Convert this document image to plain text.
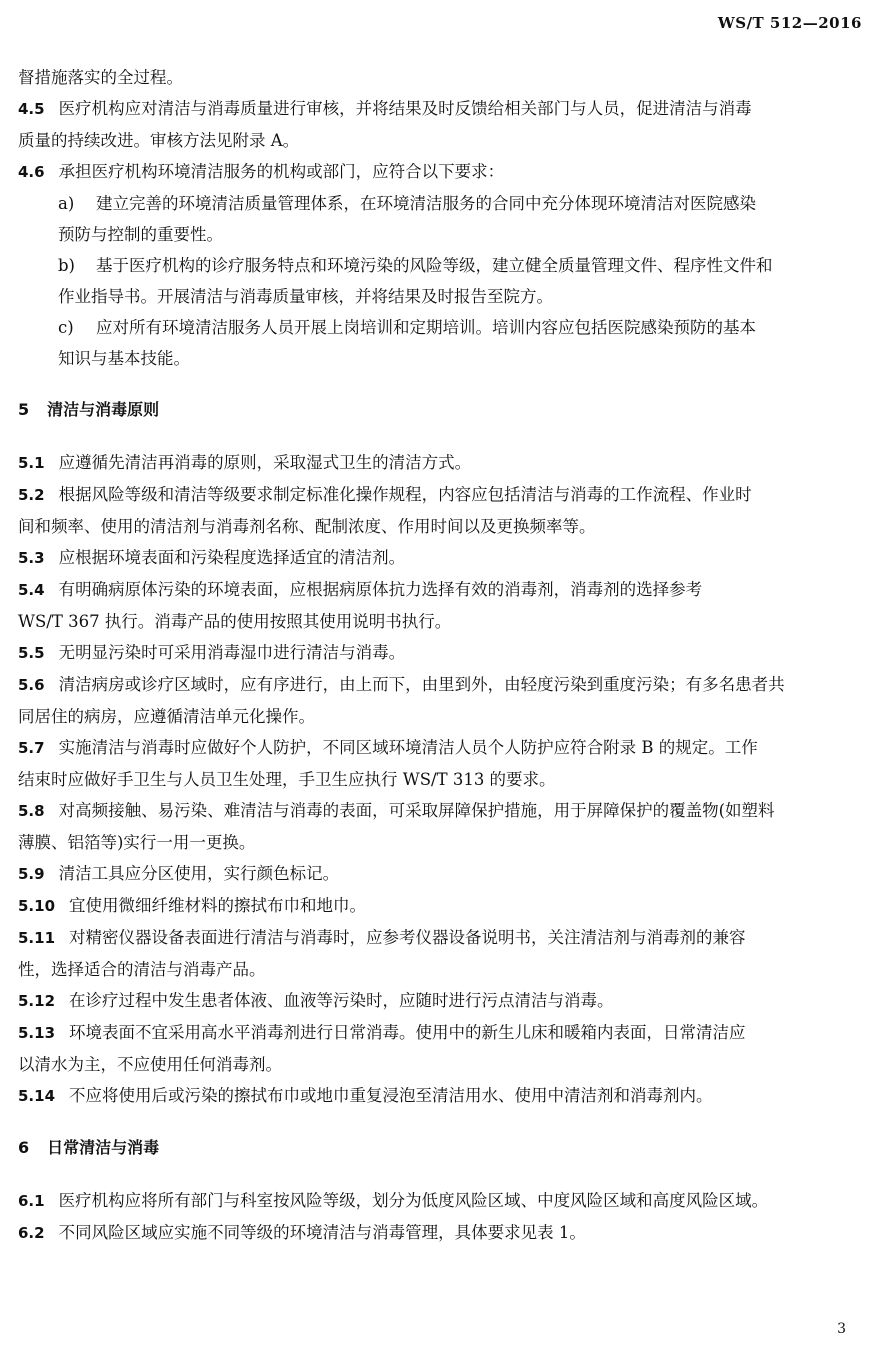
WS/T 512—2016
督措施落实的全过程。
4.5 医疗机构应对清洁与消毒质量进行审核，并将结果及时反馈给相关部门与人员，促进清洁与消毒
质量的持续改进。审核方法见附录 A。
4.6 承担医疗机构环境清洁服务的机构或部门，应符合以下要求：
a) 建立完善的环境清洁质量管理体系，在环境清洁服务的合同中充分体现环境清洁对医院感染
预防与控制的重要性。
b) 基于医疗机构的诊疗服务特点和环境污染的风险等级，建立健全质量管理文件、程序性文件和
作业指导书。开展清洁与消毒质量审核，并将结果及时报告至院方。
c) 应对所有环境清洁服务人员开展上岗培训和定期培训。培训内容应包括医院感染预防的基本
知识与基本技能。
5 清洁与消毒原则
5.1 应遵循先清洁再消毒的原则，采取湿式卫生的清洁方式。
5.2 根据风险等级和清洁等级要求制定标准化操作规程，内容应包括清洁与消毒的工作流程、作业时
间和频率、使用的清洁剂与消毒剂名称、配制浓度、作用时间以及更换频率等。
5.3 应根据环境表面和污染程度选择适宜的清洁剂。
5.4 有明确病原体污染的环境表面，应根据病原体抗力选择有效的消毒剂，消毒剂的选择参考
WS/T 367 执行。消毒产品的使用按照其使用说明书执行。
5.5 无明显污染时可采用消毒湿巾进行清洁与消毒。
5.6 清洁病房或诊疗区域时，应有序进行，由上而下，由里到外，由轻度污染到重度污染；有多名患者共
同居住的病房，应遵循清洁单元化操作。
5.7 实施清洁与消毒时应做好个人防护，不同区域环境清洁人员个人防护应符合附录 B 的规定。工作
结束时应做好手卫生与人员卫生处理，手卫生应执行 WS/T 313 的要求。
5.8 对高频接触、易污染、难清洁与消毒的表面，可采取屏障保护措施，用于屏障保护的覆盖物(如塑料
薄膜、铝箔等)实行一用一更换。
5.9 清洁工具应分区使用，实行颜色标记。
5.10 宜使用微细纤维材料的擦拭布巾和地巾。
5.11 对精密仪器设备表面进行清洁与消毒时，应参考仪器设备说明书，关注清洁剂与消毒剂的兼容
性，选择适合的清洁与消毒产品。
5.12 在诊疗过程中发生患者体液、血液等污染时，应随时进行污点清洁与消毒。
5.13 环境表面不宜采用高水平消毒剂进行日常消毒。使用中的新生儿床和暖箱内表面，日常清洁应
以清水为主，不应使用任何消毒剂。
5.14 不应将使用后或污染的擦拭布巾或地巾重复浸泡至清洁用水、使用中清洁剂和消毒剂内。
6 日常清洁与消毒
6.1 医疗机构应将所有部门与科室按风险等级，划分为低度风险区域、中度风险区域和高度风险区域。
6.2 不同风险区域应实施不同等级的环境清洁与消毒管理，具体要求见表 1。
3
